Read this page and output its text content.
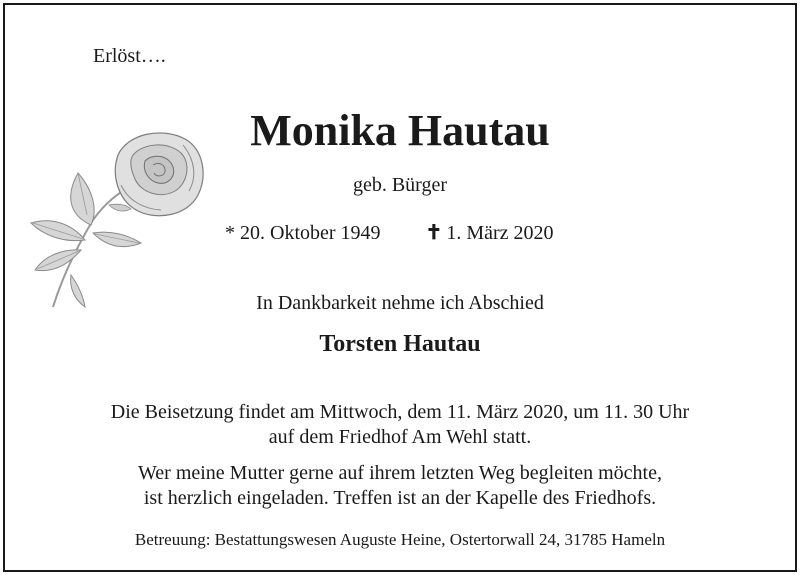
Erlöst….
Monika Hautau
geb. Bürger
* 20. Oktober 1949 ✝ 1. März 2020
In Dankbarkeit nehme ich Abschied
Torsten Hautau
Die Beisetzung findet am Mittwoch, dem 11. März 2020, um 11. 30 Uhr
auf dem Friedhof Am Wehl statt.
Wer meine Mutter gerne auf ihrem letzten Weg begleiten möchte,
ist herzlich eingeladen. Treffen ist an der Kapelle des Friedhofs.
Betreuung: Bestattungswesen Auguste Heine, Ostertorwall 24, 31785 Hameln
